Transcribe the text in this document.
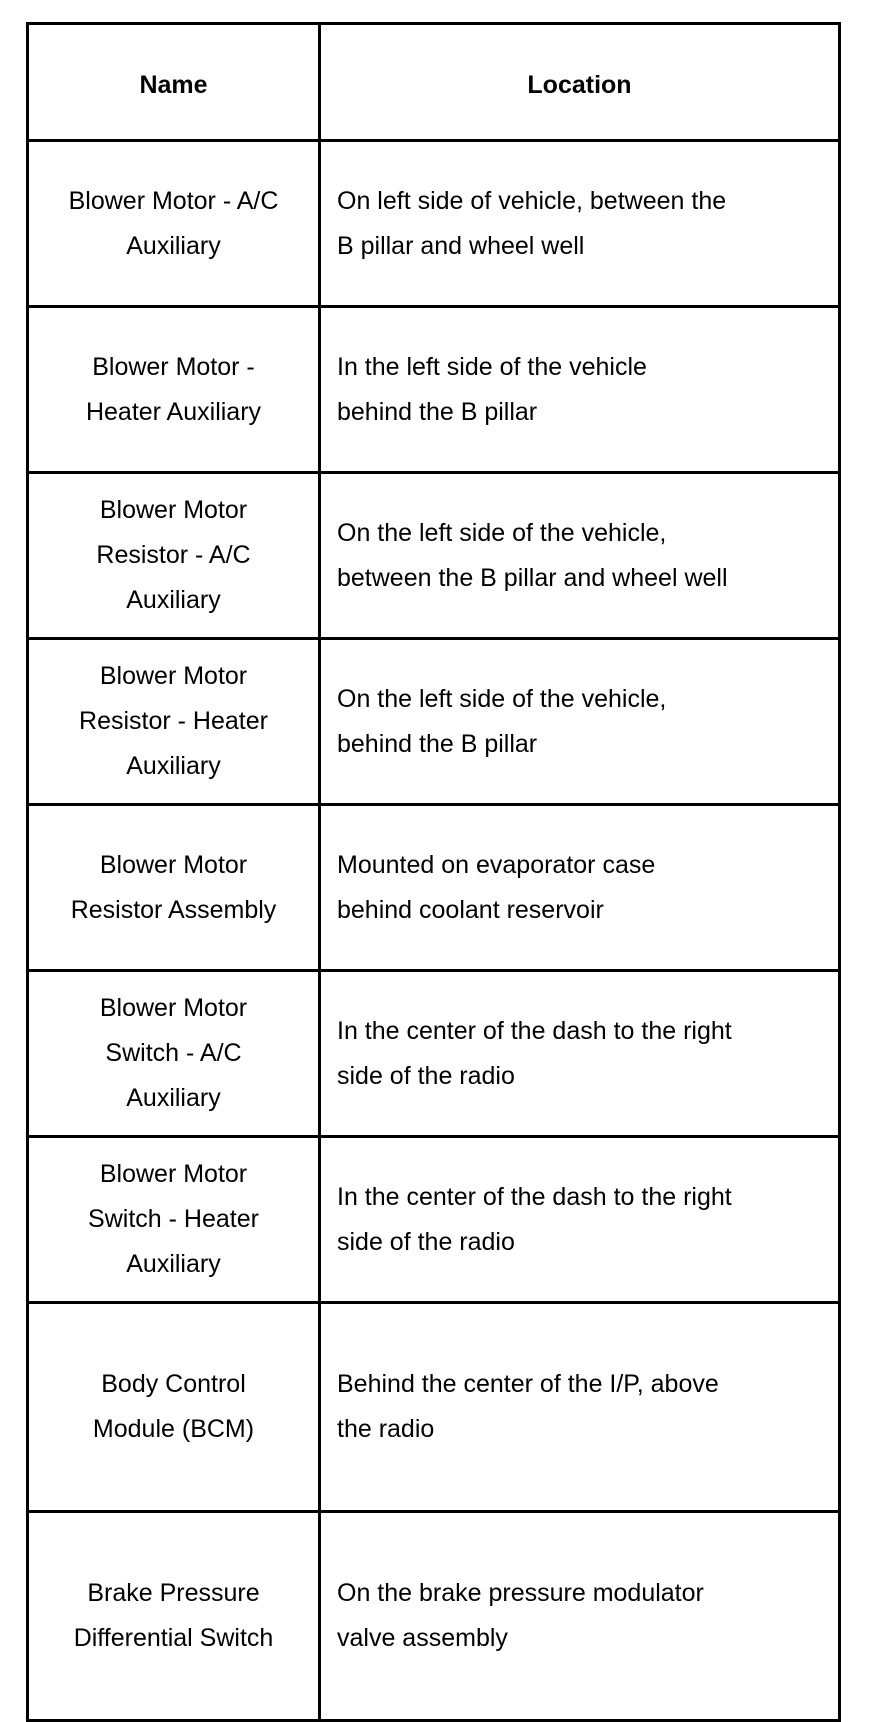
Name	Location

Blower Motor - A/C
Auxiliary	On left side of vehicle, between the
B pillar and wheel well

Blower Motor -
Heater Auxiliary	In the left side of the vehicle
behind the B pillar

Blower Motor
Resistor - A/C
Auxiliary	On the left side of the vehicle,
between the B pillar and wheel well

Blower Motor
Resistor - Heater
Auxiliary	On the left side of the vehicle,
behind the B pillar

Blower Motor
Resistor Assembly	Mounted on evaporator case
behind coolant reservoir

Blower Motor
Switch - A/C
Auxiliary	In the center of the dash to the right
side of the radio

Blower Motor
Switch - Heater
Auxiliary	In the center of the dash to the right
side of the radio

Body Control
Module (BCM)	Behind the center of the I/P, above
the radio

Brake Pressure
Differential Switch	On the brake pressure modulator
valve assembly
